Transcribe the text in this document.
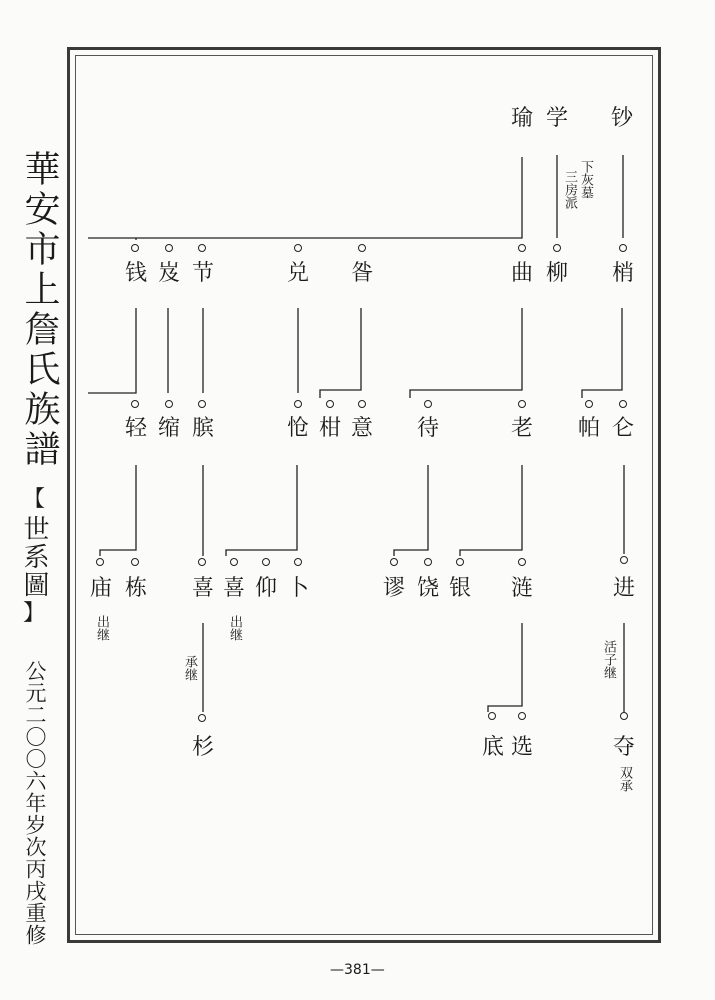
華安市上詹氏族譜
【
世系圖
】
公元二〇〇六年岁次丙戌重修
—381—
瑜 学 钞
三房派 下灰墓
钱 岌 节	兑 昝	曲 柳 梢
轻 缩 膑	怆 柑 意 待	老 帕 仑
庙 栋 喜 喜 仰 卜	谬 饶 银 涟	进
出继	出继
承继	活子继
杉	底 选	夺
双承
